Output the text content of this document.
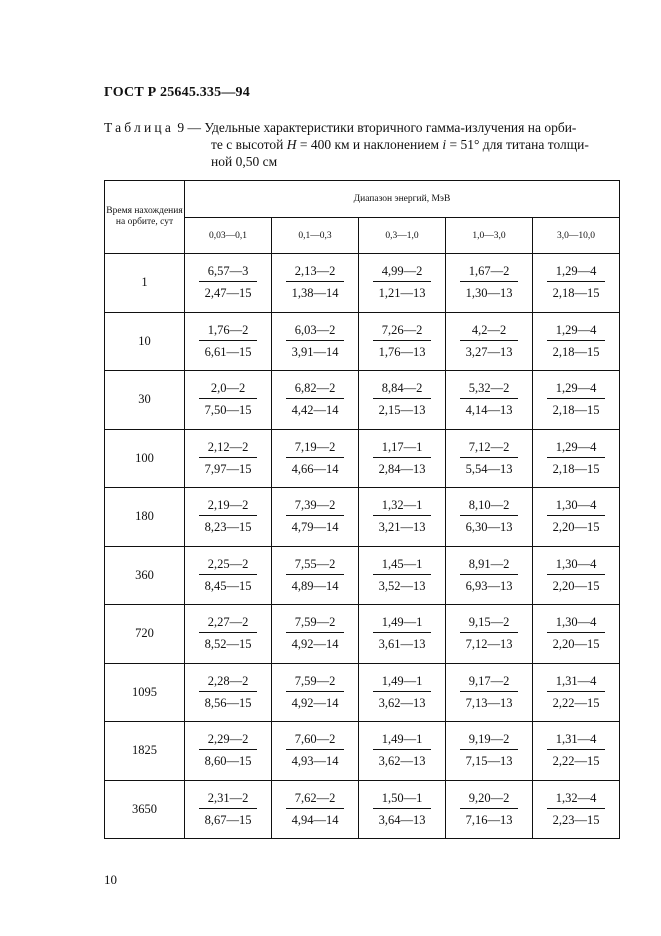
ГОСТ Р 25645.335—94
Таблица 9 — Удельные характеристики вторичного гамма-излучения на орби-
те с высотой H = 400 км и наклонением i = 51° для титана толщи-
ной 0,50 см
Время нахождения на орбите, сут	Диапазон энергий, МэВ				
	0,03—0,1	0,1—0,3	0,3—1,0	1,0—3,0	3,0—10,0
1	$\frac{6,57—3}{2,47—15}$	$\frac{2,13—2}{1,38—14}$	$\frac{4,99—2}{1,21—13}$	$\frac{1,67—2}{1,30—13}$	$\frac{1,29—4}{2,18—15}$

10	$\frac{1,76—2}{6,61—15}$	$\frac{6,03—2}{3,91—14}$	$\frac{7,26—2}{1,76—13}$	$\frac{4,2—2}{3,27—13}$	$\frac{1,29—4}{2,18—15}$

30	$\frac{2,0—2}{7,50—15}$	$\frac{6,82—2}{4,42—14}$	$\frac{8,84—2}{2,15—13}$	$\frac{5,32—2}{4,14—13}$	$\frac{1,29—4}{2,18—15}$

100	$\frac{2,12—2}{7,97—15}$	$\frac{7,19—2}{4,66—14}$	$\frac{1,17—1}{2,84—13}$	$\frac{7,12—2}{5,54—13}$	$\frac{1,29—4}{2,18—15}$

180	$\frac{2,19—2}{8,23—15}$	$\frac{7,39—2}{4,79—14}$	$\frac{1,32—1}{3,21—13}$	$\frac{8,10—2}{6,30—13}$	$\frac{1,30—4}{2,20—15}$

360	$\frac{2,25—2}{8,45—15}$	$\frac{7,55—2}{4,89—14}$	$\frac{1,45—1}{3,52—13}$	$\frac{8,91—2}{6,93—13}$	$\frac{1,30—4}{2,20—15}$

720	$\frac{2,27—2}{8,52—15}$	$\frac{7,59—2}{4,92—14}$	$\frac{1,49—1}{3,61—13}$	$\frac{9,15—2}{7,12—13}$	$\frac{1,30—4}{2,20—15}$

1095	$\frac{2,28—2}{8,56—15}$	$\frac{7,59—2}{4,92—14}$	$\frac{1,49—1}{3,62—13}$	$\frac{9,17—2}{7,13—13}$	$\frac{1,31—4}{2,22—15}$

1825	$\frac{2,29—2}{8,60—15}$	$\frac{7,60—2}{4,93—14}$	$\frac{1,49—1}{3,62—13}$	$\frac{9,19—2}{7,15—13}$	$\frac{1,31—4}{2,22—15}$

3650	$\frac{2,31—2}{8,67—15}$	$\frac{7,62—2}{4,94—14}$	$\frac{1,50—1}{3,64—13}$	$\frac{9,20—2}{7,16—13}$	$\frac{1,32—4}{2,23—15}$
10
